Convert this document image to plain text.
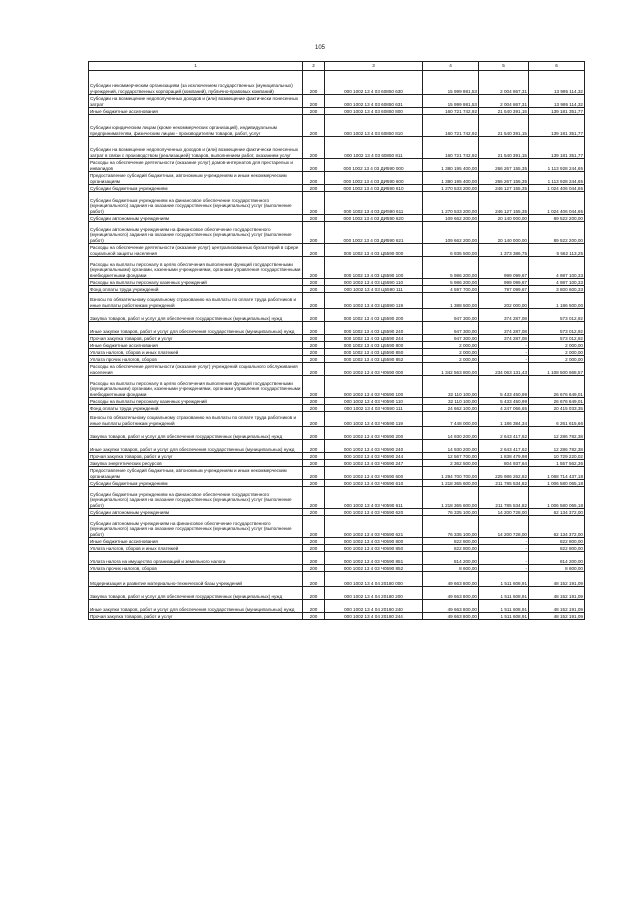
105
1	2	3	4	5	6
Субсидии некоммерческим организациям (за исключением государственных (муниципальных) учреждений, государственных корпораций (компаний), публично-правовых компаний)	200	000 1002 13 4 03 60850 630	15 999 981,53	2 004 867,31	13 995 114,32
Субсидии на возмещение недополученных доходов и (или) возмещение фактически понесенных затрат	200	000 1002 13 4 03 60850 631	15 999 981,53	2 004 867,31	13 995 114,32
Иные бюджетные ассигнования	200	000 1002 13 4 03 60850 800	160 721 742,92	21 540 391,15	139 181 351,77
Субсидии юридическим лицам (кроме некоммерческих организаций), индивидуальным предпринимателям, физическим лицам - производителям товаров, работ, услуг	200	000 1002 13 4 03 60850 810	160 721 742,92	21 540 391,15	139 181 351,77
Субсидии на возмещение недополученных доходов и (или) возмещение фактически понесенных затрат в связи с производством (реализацией) товаров, выполнением работ, оказанием услуг	200	000 1002 13 4 03 60850 811	160 721 742,92	21 540 391,15	139 181 351,77
Расходы на обеспечение деятельности (оказание услуг) домов-интернатов для престарелых и инвалидов	200	000 1002 13 4 03 ДИ590 000	1 380 195 400,00	266 267 155,35	1 113 928 244,65
Предоставление субсидий бюджетным, автономным учреждениям и иным некоммерческим организациям	200	000 1002 13 4 03 ДИ590 600	1 380 195 400,00	266 267 155,35	1 113 928 244,65
Субсидии бюджетным учреждениям	200	000 1002 13 4 03 ДИ590 610	1 270 533 200,00	246 127 155,35	1 024 406 044,65
Субсидии бюджетным учреждениям на финансовое обеспечение государственного (муниципального) задания на оказание государственных (муниципальных) услуг (выполнение работ)	200	000 1002 13 4 03 ДИ590 611	1 270 533 200,00	246 127 155,35	1 024 406 044,65
Субсидии автономным учреждениям	200	000 1002 13 4 03 ДИ590 620	109 662 200,00	20 140 000,00	89 522 200,00
Субсидии автономным учреждениям на финансовое обеспечение государственного (муниципального) задания на оказание государственных (муниципальных) услуг (выполнение работ)	200	000 1002 13 4 03 ДИ590 621	109 662 200,00	20 140 000,00	89 522 200,00
Расходы на обеспечение деятельности (оказание услуг) централизованных бухгалтерий в сфере социальной защиты населения	200	000 1002 13 4 03 Ц5590 000	6 935 500,00	1 373 386,75	5 562 113,25
Расходы на выплаты персоналу в целях обеспечения выполнения функций государственными (муниципальными) органами, казенными учреждениями, органами управления государственными внебюджетными фондами	200	000 1002 13 4 03 Ц5590 100	5 986 200,00	999 099,67	4 987 100,33
Расходы на выплаты персоналу казенных учреждений	200	000 1002 13 4 03 Ц5590 110	5 986 200,00	999 099,67	4 987 100,33
Фонд оплаты труда учреждений	200	000 1002 13 4 03 Ц5590 111	4 597 700,00	797 099,67	3 800 600,33
Взносы по обязательному социальному страхованию на выплаты по оплате труда работников и иные выплаты работникам учреждений	200	000 1002 13 4 03 Ц5590 119	1 388 500,00	202 000,00	1 186 500,00
Закупка товаров, работ и услуг для обеспечения государственных (муниципальных) нужд	200	000 1002 13 4 03 Ц5590 200	947 300,00	374 287,08	573 012,92
Иные закупки товаров, работ и услуг для обеспечения государственных (муниципальных) нужд	200	000 1002 13 4 03 Ц5590 240	947 300,00	374 287,08	573 012,92
Прочая закупка товаров, работ и услуг	200	000 1002 13 4 03 Ц5590 244	947 300,00	374 287,08	573 012,92
Иные бюджетные ассигнования	200	000 1002 13 4 03 Ц5590 800	2 000,00	-	2 000,00
Уплата налогов, сборов и иных платежей	200	000 1002 13 4 03 Ц5590 850	2 000,00	-	2 000,00
Уплата прочих налогов, сборов	200	000 1002 13 4 03 Ц5590 852	2 000,00	-	2 000,00
Расходы на обеспечение деятельности (оказание услуг) учреждений социального обслуживания населения	200	000 1002 13 4 03 Ч0590 000	1 342 563 800,00	234 063 131,43	1 108 500 668,57
Расходы на выплаты персоналу в целях обеспечения выполнения функций государственными (муниципальными) органами, казенными учреждениями, органами управления государственными внебюджетными фондами	200	000 1002 13 4 03 Ч0590 100	32 110 100,00	5 433 450,99	26 676 649,01
Расходы на выплаты персоналу казенных учреждений	200	000 1002 13 4 03 Ч0590 110	32 110 100,00	5 433 450,99	26 676 649,01
Фонд оплаты труда учреждений	200	000 1002 13 4 03 Ч0590 111	24 662 100,00	4 247 066,65	20 415 033,35
Взносы по обязательному социальному страхованию на выплаты по оплате труда работников и иные выплаты работникам учреждений	200	000 1002 13 4 03 Ч0590 119	7 448 000,00	1 186 384,34	6 261 615,66
Закупка товаров, работ и услуг для обеспечения государственных (муниципальных) нужд	200	000 1002 13 4 03 Ч0590 200	14 930 200,00	2 643 417,62	12 286 782,38
Иные закупки товаров, работ и услуг для обеспечения государственных (муниципальных) нужд	200	000 1002 13 4 03 Ч0590 240	14 930 200,00	2 643 417,62	12 286 782,38
Прочая закупка товаров, работ и услуг	200	000 1002 13 4 03 Ч0590 244	12 567 700,00	1 838 479,98	10 729 220,02
Закупка энергетических ресурсов	200	000 1002 13 4 03 Ч0590 247	2 362 500,00	804 937,64	1 557 562,36
Предоставление субсидий бюджетным, автономным учреждениям и иным некоммерческим организациям	200	000 1002 13 4 03 Ч0590 600	1 294 700 700,00	225 986 262,82	1 068 714 437,18
Субсидии бюджетным учреждениям	200	000 1002 13 4 03 Ч0590 610	1 218 365 600,00	211 785 534,82	1 006 580 065,18
Субсидии бюджетным учреждениям на финансовое обеспечение государственного (муниципального) задания на оказание государственных (муниципальных) услуг (выполнение работ)	200	000 1002 13 4 03 Ч0590 611	1 218 365 600,00	211 785 534,82	1 006 580 065,18
Субсидии автономным учреждениям	200	000 1002 13 4 03 Ч0590 620	76 335 100,00	14 200 728,00	62 134 372,00
Субсидии автономным учреждениям на финансовое обеспечение государственного (муниципального) задания на оказание государственных (муниципальных) услуг (выполнение работ)	200	000 1002 13 4 03 Ч0590 621	76 335 100,00	14 200 728,00	62 134 372,00
Иные бюджетные ассигнования	200	000 1002 13 4 03 Ч0590 800	822 800,00	-	822 800,00
Уплата налогов, сборов и иных платежей	200	000 1002 13 4 03 Ч0590 850	822 800,00	-	822 800,00
Уплата налога на имущество организаций и земельного налога	200	000 1002 13 4 03 Ч0590 851	814 200,00	-	814 200,00
Уплата прочих налогов, сборов	200	000 1002 13 4 03 Ч0590 852	8 600,00	-	8 600,00
Модернизация и развитие материально-технической базы учреждений	200	000 1002 13 4 04 20180 000	49 663 800,00	1 511 608,91	48 152 191,09
Закупка товаров, работ и услуг для обеспечения государственных (муниципальных) нужд	200	000 1002 13 4 04 20180 200	49 663 800,00	1 511 608,91	48 152 191,09
Иные закупки товаров, работ и услуг для обеспечения государственных (муниципальных) нужд	200	000 1002 13 4 04 20180 240	49 663 800,00	1 511 608,91	48 152 191,09
Прочая закупка товаров, работ и услуг	200	000 1002 13 4 04 20180 244	49 663 800,00	1 511 608,91	48 152 191,09
